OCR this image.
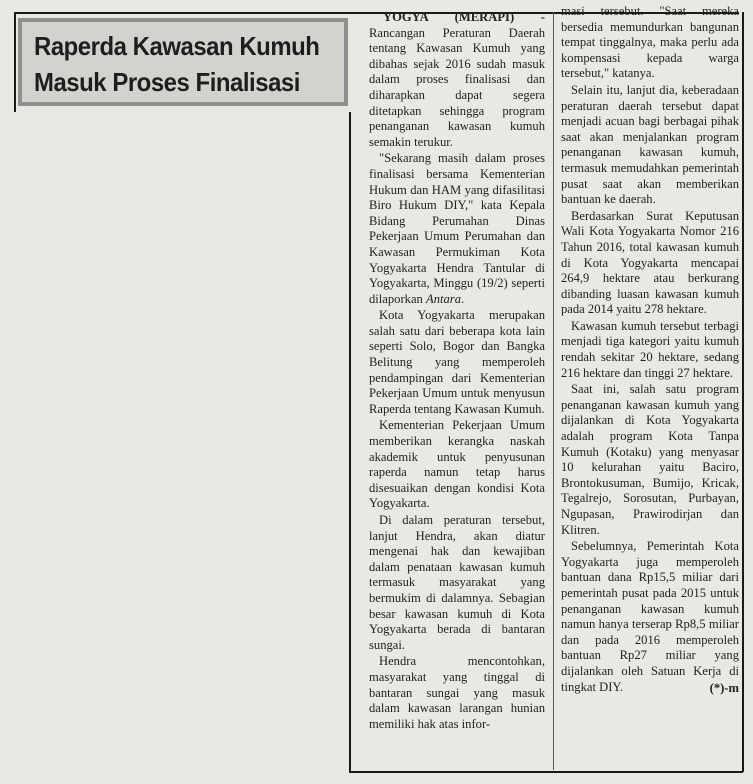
Raperda Kawasan Kumuh
Masuk Proses Finalisasi

YOGYA (MERAPI) - Rancangan Peraturan Daerah tentang Kawasan Kumuh yang dibahas sejak 2016 sudah masuk dalam proses finalisasi dan diharapkan dapat segera ditetapkan sehingga program penanganan kawasan kumuh semakin terukur.

"Sekarang masih dalam proses finalisasi bersama Kementerian Hukum dan HAM yang difasilitasi Biro Hukum DIY," kata Kepala Bidang Perumahan Dinas Pekerjaan Umum Perumahan dan Kawasan Permukiman Kota Yogyakarta Hendra Tantular di Yogyakarta, Minggu (19/2) seperti dilaporkan Antara.

Kota Yogyakarta merupakan salah satu dari beberapa kota lain seperti Solo, Bogor dan Bangka Belitung yang memperoleh pendampingan dari Kementerian Pekerjaan Umum untuk menyusun Raperda tentang Kawasan Kumuh.

Kementerian Pekerjaan Umum memberikan kerangka naskah akademik untuk penyusunan raperda namun tetap harus disesuaikan dengan kondisi Kota Yogyakarta.

Di dalam peraturan tersebut, lanjut Hendra, akan diatur mengenai hak dan kewajiban dalam penataan kawasan kumuh termasuk masyarakat yang bermukim di dalamnya. Sebagian besar kawasan kumuh di Kota Yogyakarta berada di bantaran sungai.

Hendra mencontohkan, masyarakat yang tinggal di bantaran sungai yang masuk dalam kawasan larangan hunian memiliki hak atas infor-

masi tersebut. "Saat mereka bersedia memundurkan bangunan tempat tinggalnya, maka perlu ada kompensasi kepada warga tersebut," katanya.

Selain itu, lanjut dia, keberadaan peraturan daerah tersebut dapat menjadi acuan bagi berbagai pihak saat akan menjalankan program penanganan kawasan kumuh, termasuk memudahkan pemerintah pusat saat akan memberikan bantuan ke daerah.

Berdasarkan Surat Keputusan Wali Kota Yogyakarta Nomor 216 Tahun 2016, total kawasan kumuh di Kota Yogyakarta mencapai 264,9 hektare atau berkurang dibanding luasan kawasan kumuh pada 2014 yaitu 278 hektare.

Kawasan kumuh tersebut terbagi menjadi tiga kategori yaitu kumuh rendah sekitar 20 hektare, sedang 216 hektare dan tinggi 27 hektare.

Saat ini, salah satu program penanganan kawasan kumuh yang dijalankan di Kota Yogyakarta adalah program Kota Tanpa Kumuh (Kotaku) yang menyasar 10 kelurahan yaitu Baciro, Brontokusuman, Bumijo, Kricak, Tegalrejo, Sorosutan, Purbayan, Ngupasan, Prawirodirjan dan Klitren.

Sebelumnya, Pemerintah Kota Yogyakarta juga memperoleh bantuan dana Rp15,5 miliar dari pemerintah pusat pada 2015 untuk penanganan kawasan kumuh namun hanya terserap Rp8,5 miliar dan pada 2016 memperoleh bantuan Rp27 miliar yang dijalankan oleh Satuan Kerja di tingkat DIY.	(*)-m
